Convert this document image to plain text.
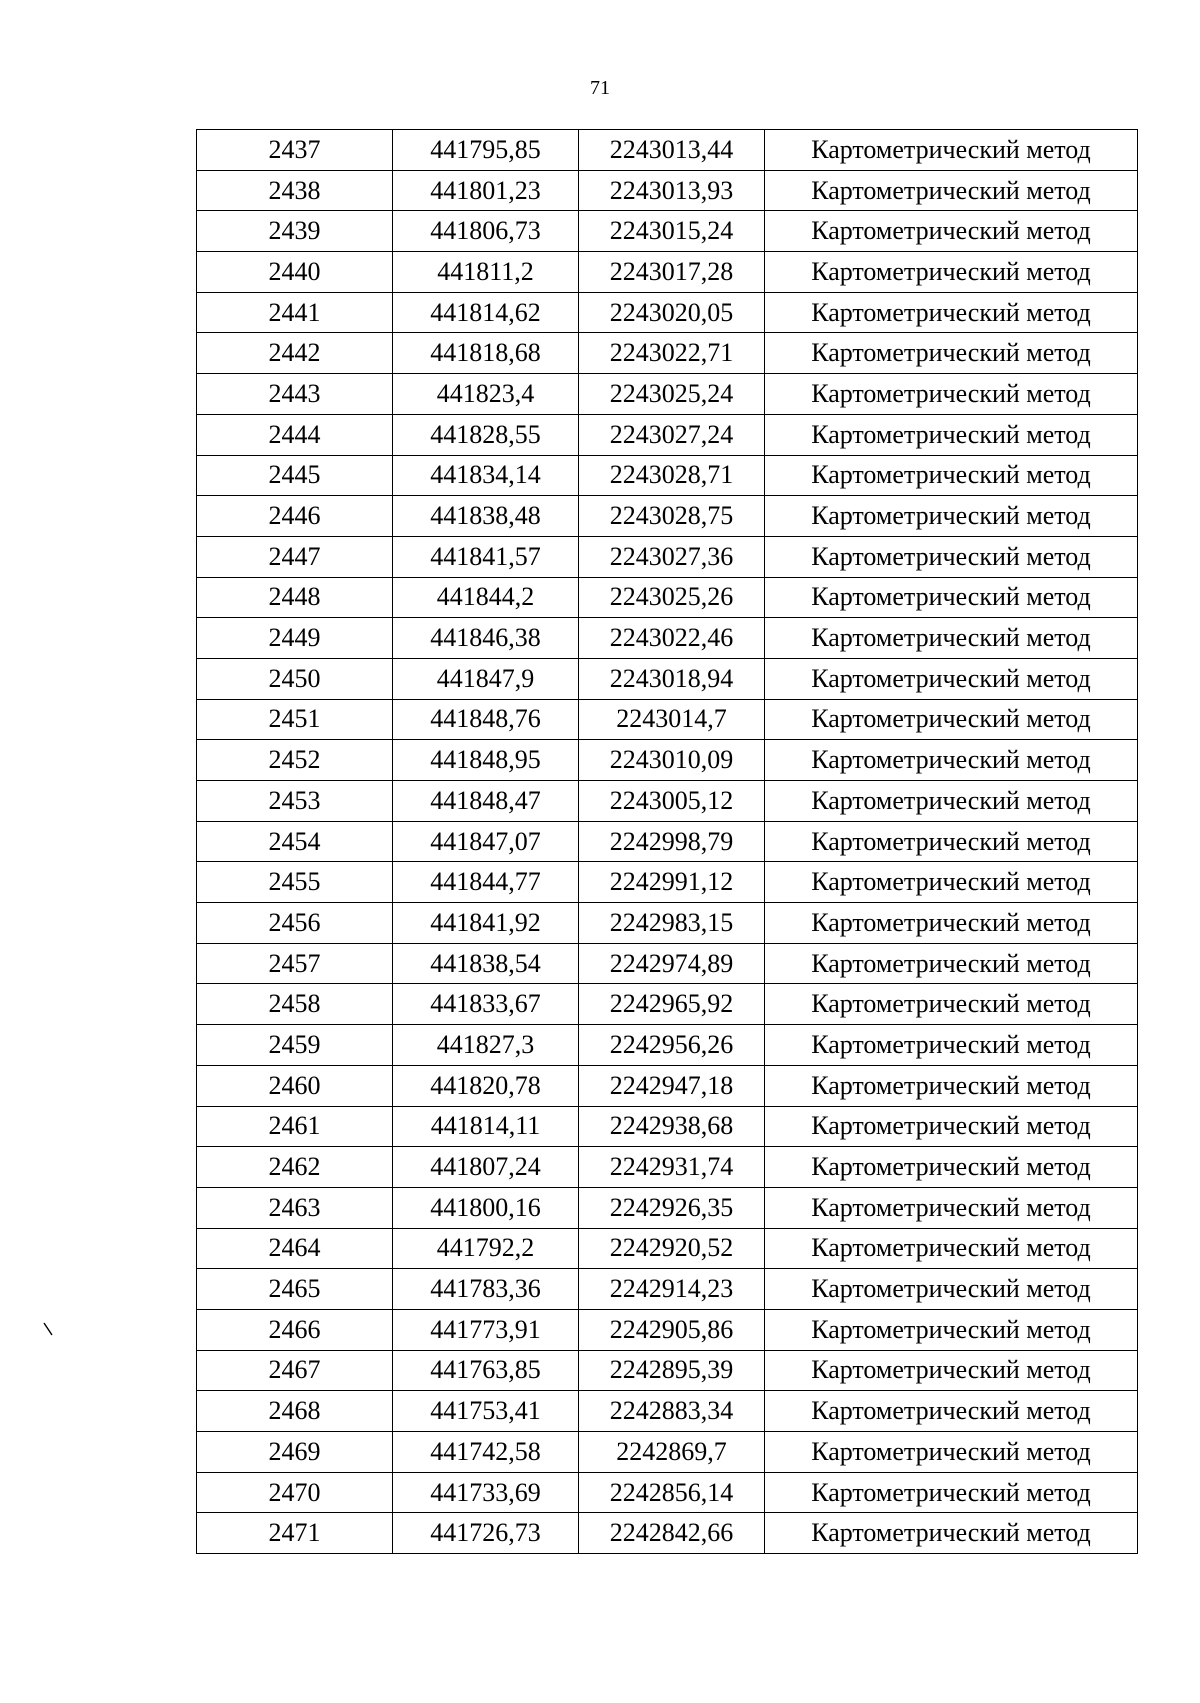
71
2437	441795,85	2243013,44	Картометрический метод
2438	441801,23	2243013,93	Картометрический метод
2439	441806,73	2243015,24	Картометрический метод
2440	441811,2	2243017,28	Картометрический метод
2441	441814,62	2243020,05	Картометрический метод
2442	441818,68	2243022,71	Картометрический метод
2443	441823,4	2243025,24	Картометрический метод
2444	441828,55	2243027,24	Картометрический метод
2445	441834,14	2243028,71	Картометрический метод
2446	441838,48	2243028,75	Картометрический метод
2447	441841,57	2243027,36	Картометрический метод
2448	441844,2	2243025,26	Картометрический метод
2449	441846,38	2243022,46	Картометрический метод
2450	441847,9	2243018,94	Картометрический метод
2451	441848,76	2243014,7	Картометрический метод
2452	441848,95	2243010,09	Картометрический метод
2453	441848,47	2243005,12	Картометрический метод
2454	441847,07	2242998,79	Картометрический метод
2455	441844,77	2242991,12	Картометрический метод
2456	441841,92	2242983,15	Картометрический метод
2457	441838,54	2242974,89	Картометрический метод
2458	441833,67	2242965,92	Картометрический метод
2459	441827,3	2242956,26	Картометрический метод
2460	441820,78	2242947,18	Картометрический метод
2461	441814,11	2242938,68	Картометрический метод
2462	441807,24	2242931,74	Картометрический метод
2463	441800,16	2242926,35	Картометрический метод
2464	441792,2	2242920,52	Картометрический метод
2465	441783,36	2242914,23	Картометрический метод
2466	441773,91	2242905,86	Картометрический метод
2467	441763,85	2242895,39	Картометрический метод
2468	441753,41	2242883,34	Картометрический метод
2469	441742,58	2242869,7	Картометрический метод
2470	441733,69	2242856,14	Картометрический метод
2471	441726,73	2242842,66	Картометрический метод
